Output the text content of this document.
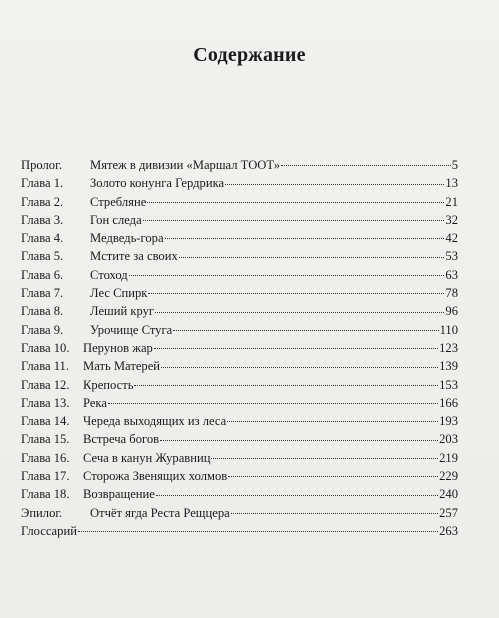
Содержание
Пролог.	Мятеж в дивизии «Маршал ТООТ»	5
Глава 1.	Золото конунга Гердрика	13
Глава 2.	Стребляне	21
Глава 3.	Гон следа	32
Глава 4.	Медведь-гора	42
Глава 5.	Мстите за своих	53
Глава 6.	Стоход	63
Глава 7.	Лес Спирк	78
Глава 8.	Леший круг	96
Глава 9.	Урочище Стуга	110
Глава 10.	Перунов жар	123
Глава 11.	Мать Матерей	139
Глава 12.	Крепость	153
Глава 13.	Река	166
Глава 14.	Череда выходящих из леса	193
Глава 15.	Встреча богов	203
Глава 16.	Сеча в канун Журавниц	219
Глава 17.	Сторожа Звенящих холмов	229
Глава 18.	Возвращение	240
Эпилог.	Отчёт ягда Реста Рещцера	257
Глоссарий	263
